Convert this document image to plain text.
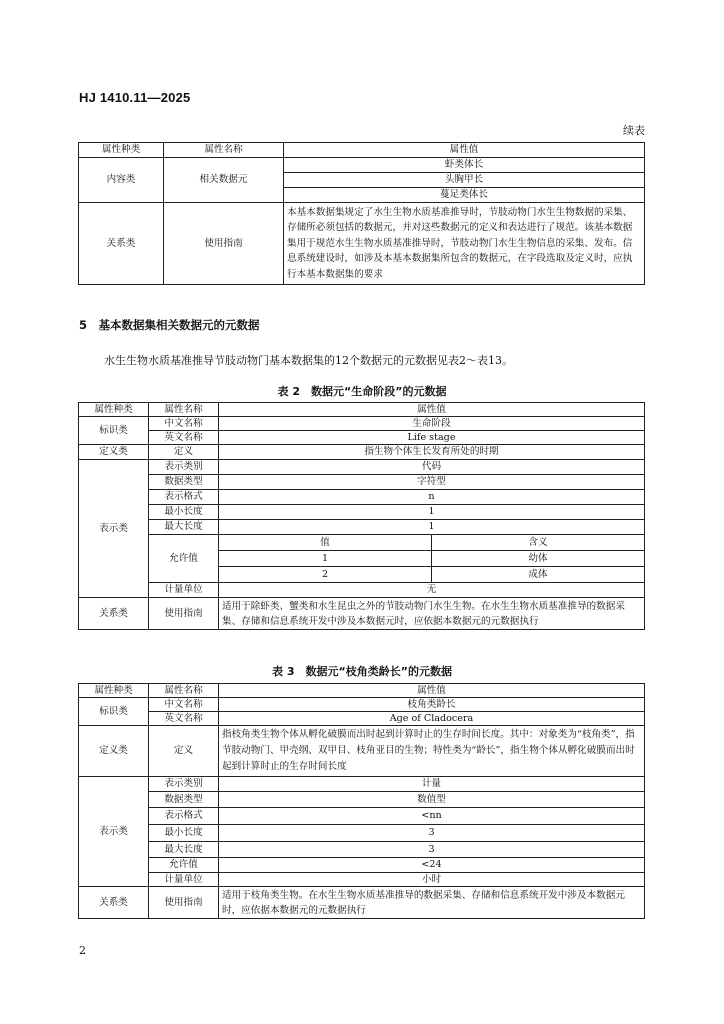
HJ 1410.11—2025
续表
属性种类	属性名称	属性值
内容类	相关数据元	虾类体长
		头胸甲长
		蔓足类体长
关系类	使用指南	本基本数据集规定了水生生物水质基准推导时，节肢动物门水生生物数据的采集、存储所必须包括的数据元，并对这些数据元的定义和表达进行了规范。该基本数据集用于规范水生生物水质基准推导时，节肢动物门水生生物信息的采集、发布。信息系统建设时，如涉及本基本数据集所包含的数据元，在字段选取及定义时，应执行本基本数据集的要求
5　基本数据集相关数据元的元数据
水生生物水质基准推导节肢动物门基本数据集的12个数据元的元数据见表2～表13。
表 2　数据元“生命阶段”的元数据
属性种类	属性名称	属性值	
标识类	中文名称	生命阶段	
	英文名称	Life stage	
定义类	定义	指生物个体生长发育所处的时期	
表示类	表示类别	代码	
	数据类型	字符型	
	表示格式	n	
	最小长度	1	
	最大长度	1	
	允许值	值	含义
		1	幼体
		2	成体
	计量单位	无	
关系类	使用指南	适用于除虾类、蟹类和水生昆虫之外的节肢动物门水生生物。在水生生物水质基准推导的数据采集、存储和信息系统开发中涉及本数据元时，应依据本数据元的元数据执行	
表 3　数据元“枝角类龄长”的元数据
属性种类	属性名称	属性值
标识类	中文名称	枝角类龄长
	英文名称	Age of Cladocera
定义类	定义	指枝角类生物个体从孵化破膜而出时起到计算时止的生存时间长度。其中：对象类为“枝角类”，指节肢动物门、甲壳纲、双甲目、枝角亚目的生物；特性类为“龄长”，指生物个体从孵化破膜而出时起到计算时止的生存时间长度
表示类	表示类别	计量
	数据类型	数值型
	表示格式	<nn
	最小长度	3
	最大长度	3
	允许值	<24
	计量单位	小时
关系类	使用指南	适用于枝角类生物。在水生生物水质基准推导的数据采集、存储和信息系统开发中涉及本数据元时，应依据本数据元的元数据执行
2
